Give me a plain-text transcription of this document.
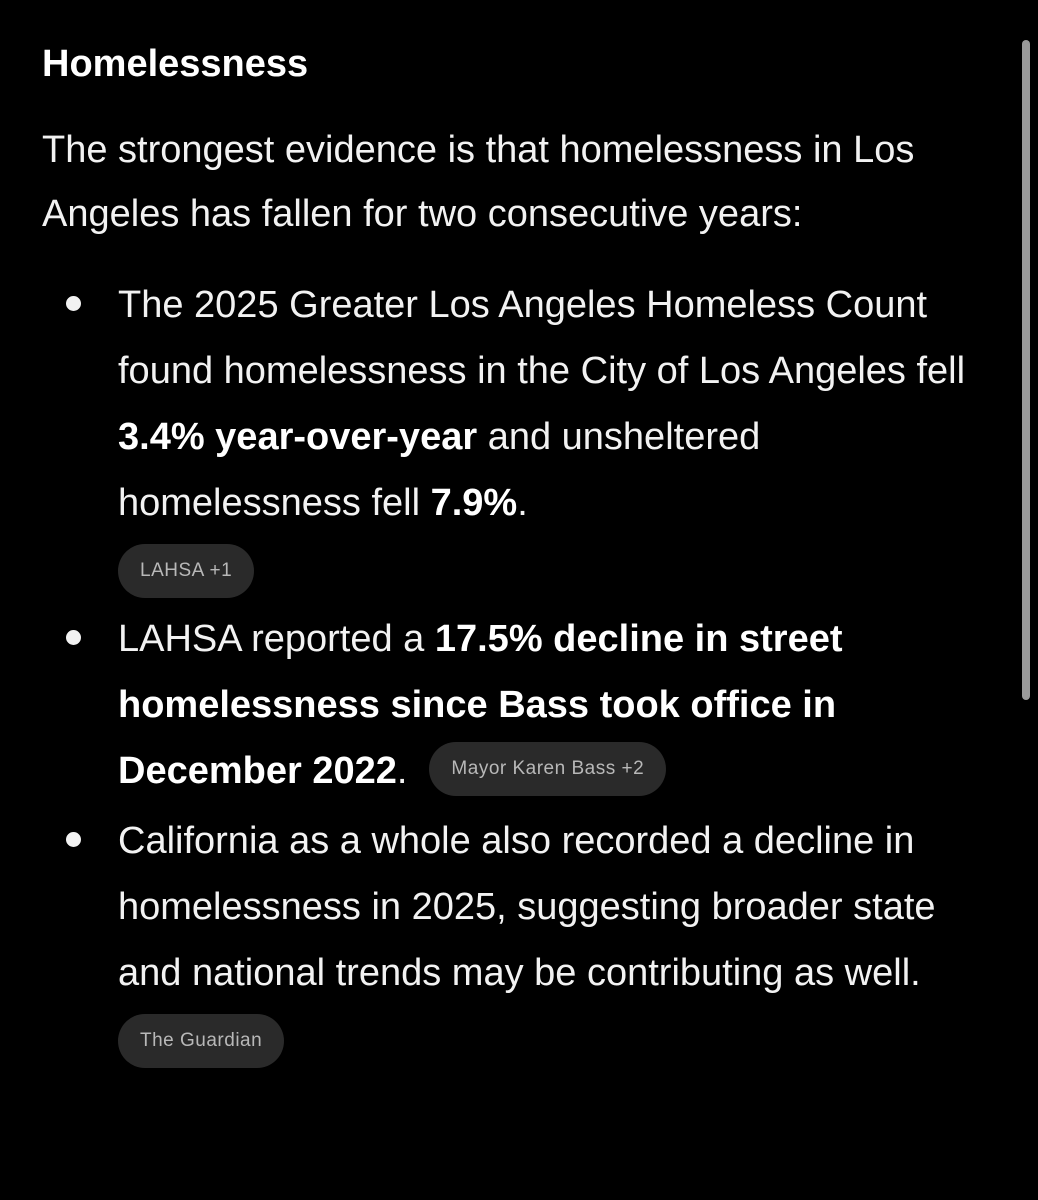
Homelessness
The strongest evidence is that homelessness in Los Angeles has fallen for two consecutive years:
The 2025 Greater Los Angeles Homeless Count found homelessness in the City of Los Angeles fell 3.4% year-over-year and unsheltered homelessness fell 7.9%.
LAHSA +1
LAHSA reported a 17.5% decline in street homelessness since Bass took office in December 2022. Mayor Karen Bass +2
California as a whole also recorded a decline in homelessness in 2025, suggesting broader state and national trends may be contributing as well.
The Guardian
